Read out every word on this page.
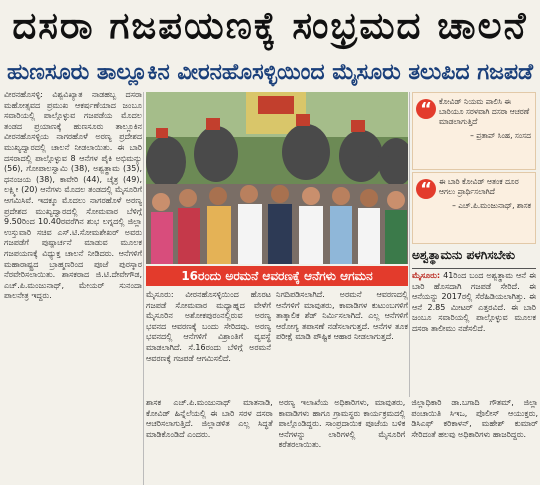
ದಸರಾ ಗಜಪಯಣಕ್ಕೆ ಸಂಭ್ರಮದ ಚಾಲನೆ
ಹುಣಸೂರು ತಾಲ್ಲೂಕಿನ ವೀರನಹೊಸಳ್ಳಿಯಿಂದ ಮೈಸೂರು ತಲುಪಿದ ಗಜಪಡೆ
ವೀರನಹೊಸಳ್ಳಿ: ವಿಶ್ವವಿಖ್ಯಾತ ನಾಡಹಬ್ಬ ದಸರಾ ಮಹೋತ್ಸವದ ಪ್ರಮುಖ ಆಕರ್ಷಣೆಯಾದ ಜಂಬೂ ಸವಾರಿಯಲ್ಲಿ ಪಾಲ್ಗೊಳ್ಳುವ ಗಜಪಡೆಯ ಮೊದಲ ತಂಡದ ಪ್ರಯಾಣಕ್ಕೆ ಹುಣಸೂರು ತಾಲ್ಲೂಕಿನ ವೀರನಹೊಸಳ್ಳಿಯ ನಾಗರಹೊಳೆ ಅರಣ್ಯ ಪ್ರದೇಶದ ಮುಖ್ಯದ್ವಾರದಲ್ಲಿ ಚಾಲನೆ ನೀಡಲಾಯಿತು. ಈ ಬಾರಿ ದಸರಾದಲ್ಲಿ ಪಾಲ್ಗೊಳ್ಳುವ 8 ಆನೆಗಳ ಪೈಕಿ ಅಭಿಮನ್ಯು (56), ಗೋಪಾಲಸ್ವಾಮಿ (38), ಅಶ್ವತ್ಥಾಮ (35), ಧನಂಜಯ (38), ಕಾವೇರಿ (44), ಚೈತ್ರ (49), ಲಕ್ಷ್ಮೀ (20) ಆನೆಗಳು ಮೊದಲ ತಂಡದಲ್ಲಿ ಮೈಸೂರಿಗೆ ಆಗಮಿಸಿವೆ. ಇದಕ್ಕೂ ಮೊದಲು ನಾಗರಹೊಳೆ ಅರಣ್ಯ ಪ್ರದೇಶದ ಮುಖ್ಯದ್ವಾರದಲ್ಲಿ ಸೋಮವಾರ ಬೆಳಿಗ್ಗೆ 9.50ರಿಂದ 10.40ರವರೆಗಿನ ಶುಭ ಲಗ್ನದಲ್ಲಿ ಜಿಲ್ಲಾ ಉಸ್ತುವಾರಿ ಸಚಿವ ಎಸ್.ಟಿ.ಸೋಮಶೇಖರ್ ಅವರು ಗಜಪಡೆಗೆ ಪುಷ್ಪಾರ್ಚನೆ ಮಾಡುವ ಮೂಲಕ ಗಜಪಯಣಕ್ಕೆ ವಿಧ್ಯುಕ್ತ ಚಾಲನೆ ನೀಡಿದರು. ಆನೆಗಳಿಗೆ ಮಹಾರಾಷ್ಟ್ರದ ಬ್ರಾಹ್ಮಣರಿಂದ ಪೂಜೆ ಪುರಸ್ಕಾರ ನೆರವೇರಿಸಲಾಯಿತು. ಶಾಸಕರಾದ ಜಿ.ಟಿ.ದೇವೇಗೌಡ, ಎಚ್.ಪಿ.ಮಂಜುನಾಥ್, ಮೇಯರ್ ಸುನಂದಾ ಪಾಲನೇತ್ರ ಇದ್ದರು.
16ರಂದು ಅರಮನೆ ಆವರಣಕ್ಕೆ ಆನೆಗಳು ಆಗಮನ
ಮೈಸೂರು: ವೀರನಹೊಸಳ್ಳಿಯಿಂದ ಹೊರಟ ಗಜಪಡೆ ಸೋಮವಾರ ಮಧ್ಯಾಹ್ನದ ವೇಳೆಗೆ ಮೈಸೂರಿನ ಅಶೋಕಪುರಂನಲ್ಲಿರುವ ಅರಣ್ಯ ಭವನದ ಆವರಣಕ್ಕೆ ಬಂದು ಸೇರಿದವು. ಅರಣ್ಯ ಭವನದಲ್ಲಿ ಆನೆಗಳಿಗೆ ವಿಶ್ರಾಂತಿಗೆ ವ್ಯವಸ್ಥೆ ಮಾಡಲಾಗಿದೆ. ಸೆ.16ರಂದು ಬೆಳಿಗ್ಗೆ ಅರಮನೆ ಆವರಣಕ್ಕೆ ಗಜಪಡೆ ಆಗಮಿಸಲಿದೆ.
ನಿಗದಿಪಡಿಸಲಾಗಿದೆ. ಅರಮನೆ ಆವರಣದಲ್ಲಿ ಆನೆಗಳಿಗೆ ಮಾವುತರು, ಕಾವಾಡಿಗಳ ಕುಟುಂಬಗಳಿಗೆ ತಾತ್ಕಾಲಿಕ ಶೆಡ್ ನಿರ್ಮಿಸಲಾಗಿದೆ. ಎಲ್ಲ ಆನೆಗಳಿಗೆ ಆರೋಗ್ಯ ತಪಾಸಣೆ ನಡೆಸಲಾಗುತ್ತದೆ. ಆನೆಗಳ ತೂಕ ಪರೀಕ್ಷೆ ಮಾಡಿ ಪೌಷ್ಟಿಕ ಆಹಾರ ನೀಡಲಾಗುತ್ತದೆ.
ಶಾಸಕ ಎಚ್.ಪಿ.ಮಂಜುನಾಥ್ ಮಾತನಾಡಿ, ಕೋವಿಡ್ ಹಿನ್ನೆಲೆಯಲ್ಲಿ ಈ ಬಾರಿ ಸರಳ ದಸರಾ ಆಚರಿಸಲಾಗುತ್ತಿದೆ. ಜಿಲ್ಲಾಡಳಿತ ಎಲ್ಲ ಸಿದ್ಧತೆ ಮಾಡಿಕೊಂಡಿದೆ ಎಂದರು.
ಅರಣ್ಯ ಇಲಾಖೆಯ ಅಧಿಕಾರಿಗಳು, ಮಾವುತರು, ಕಾವಾಡಿಗಳು ಹಾಗೂ ಗ್ರಾಮಸ್ಥರು ಕಾರ್ಯಕ್ರಮದಲ್ಲಿ ಪಾಲ್ಗೊಂಡಿದ್ದರು. ಸಾಂಪ್ರದಾಯಿಕ ಪೂಜೆಯ ಬಳಿಕ ಆನೆಗಳನ್ನು ಲಾರಿಗಳಲ್ಲಿ ಮೈಸೂರಿಗೆ ಕರೆತರಲಾಯಿತು.
ಜಿಲ್ಲಾಧಿಕಾರಿ ಡಾ.ಬಗಾದಿ ಗೌತಮ್, ಜಿಲ್ಲಾ ಪಂಚಾಯಿತಿ ಸಿಇಒ, ಪೊಲೀಸ್ ಆಯುಕ್ತರು, ಡಿಸಿಎಫ್ ಕರಿಕಾಳನ್, ಮಹೇಶ್ ಕುಮಾರ್ ಸೇರಿದಂತೆ ಹಲವು ಅಧಿಕಾರಿಗಳು ಹಾಜರಿದ್ದರು.
“ ಕೋವಿಡ್‌ ನಿಯಮ ಪಾಲಿಸಿ ಈ ಬಾರಿಯೂ ಸರಳವಾಗಿ ದಸರಾ ಆಚರಣೆ ಮಾಡಲಾಗುತ್ತಿದೆ
– ಪ್ರತಾಪ್ ಸಿಂಹ, ಸಂಸದ
“ ಈ ಬಾರಿ ಕೋವಿಡ್ ಆತಂಕ ದೂರ ಆಗಲು ಪ್ರಾರ್ಥಿಸಲಾಗಿದೆ
– ಎಚ್.ಪಿ.ಮಂಜುನಾಥ್, ಶಾಸಕ
ಅಶ್ವತ್ಥಾಮನು ಪಳಗಿಸಬೇಕು
ಮೈಸೂರು: 41ರಿಂದ ಬಂದ ಅಶ್ವತ್ಥಾಮ ಆನೆ ಈ ಬಾರಿ ಹೊಸದಾಗಿ ಗಜಪಡೆ ಸೇರಿದೆ. ಈ ಆನೆಯನ್ನು 2017ರಲ್ಲಿ ಸೆರೆಹಿಡಿಯಲಾಗಿತ್ತು. ಈ ಆನೆ 2.85 ಮೀಟರ್ ಎತ್ತರವಿದೆ. ಈ ಬಾರಿ ಜಂಬೂ ಸವಾರಿಯಲ್ಲಿ ಪಾಲ್ಗೊಳ್ಳುವ ಮೂಲಕ ದಸರಾ ತಾಲೀಮು ನಡೆಸಲಿದೆ.
